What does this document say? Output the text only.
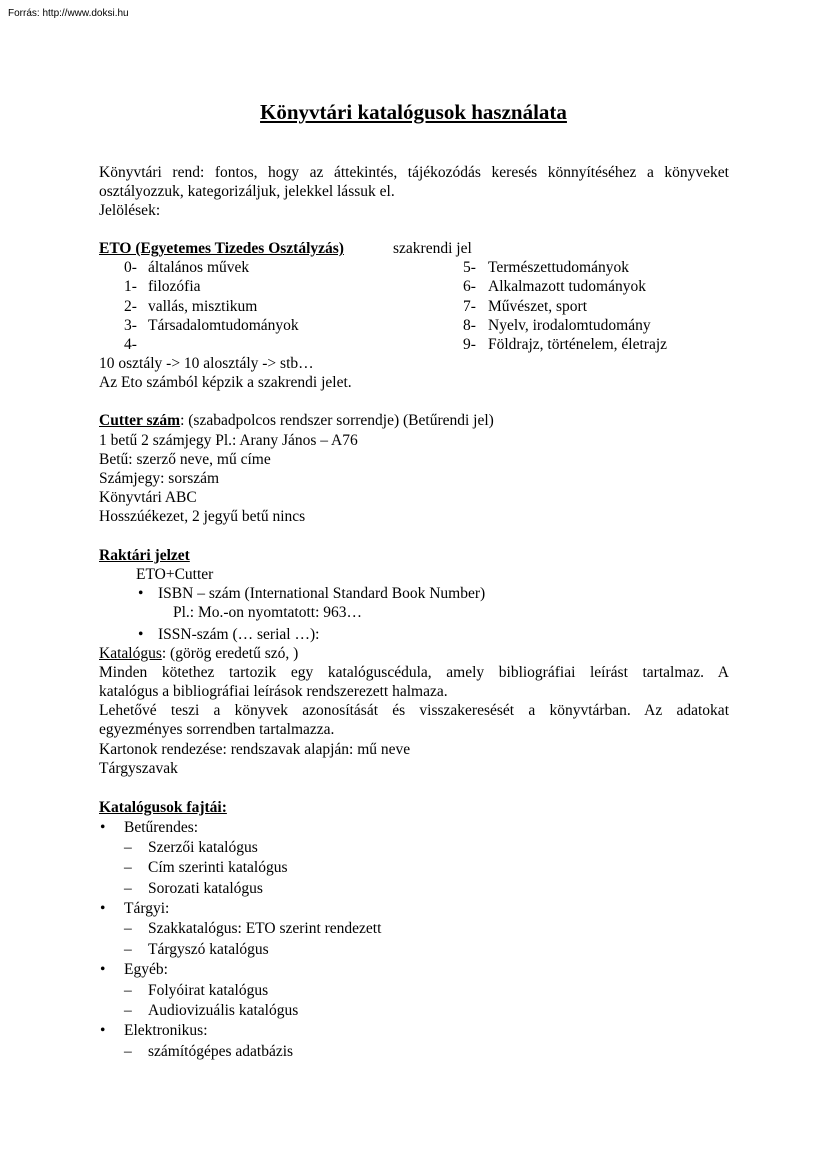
Forrás: http://www.doksi.hu
Könyvtári katalógusok használata
Könyvtári rend: fontos, hogy az áttekintés, tájékozódás keresés könnyítéséhez a könyveket
osztályozzuk, kategorizáljuk, jelekkel lássuk el.
Jelölések:
ETO (Egyetemes Tizedes Osztályzás)	szakrendi jel
0- általános művek
1- filozófia
2- vallás, misztikum
3- Társadalomtudományok
4-
5- Természettudományok
6- Alkalmazott tudományok
7- Művészet, sport
8- Nyelv, irodalomtudomány
9- Földrajz, történelem, életrajz
10 osztály -> 10 alosztály -> stb…
Az Eto számból képzik a szakrendi jelet.
Cutter szám: (szabadpolcos rendszer sorrendje) (Betűrendi jel)
1 betű 2 számjegy Pl.: Arany János – A76
Betű: szerző neve, mű címe
Számjegy: sorszám
Könyvtári ABC
Hosszúékezet, 2 jegyű betű nincs
Raktári jelzet
ETO+Cutter
• ISBN – szám (International Standard Book Number)
Pl.: Mo.-on nyomtatott: 963…
• ISSN-szám (… serial …):
Katalógus: (görög eredetű szó, )
Minden kötethez tartozik egy katalóguscédula, amely bibliográfiai leírást tartalmaz. A
katalógus a bibliográfiai leírások rendszerezett halmaza.
Lehetővé teszi a könyvek azonosítását és visszakeresését a könyvtárban. Az adatokat
egyezményes sorrendben tartalmazza.
Kartonok rendezése: rendszavak alapján: mű neve
Tárgyszavak
Katalógusok fajtái:
• Betűrendes:
– Szerzői katalógus
– Cím szerinti katalógus
– Sorozati katalógus
• Tárgyi:
– Szakkatalógus: ETO szerint rendezett
– Tárgyszó katalógus
• Egyéb:
– Folyóirat katalógus
– Audiovizuális katalógus
• Elektronikus:
– számítógépes adatbázis
